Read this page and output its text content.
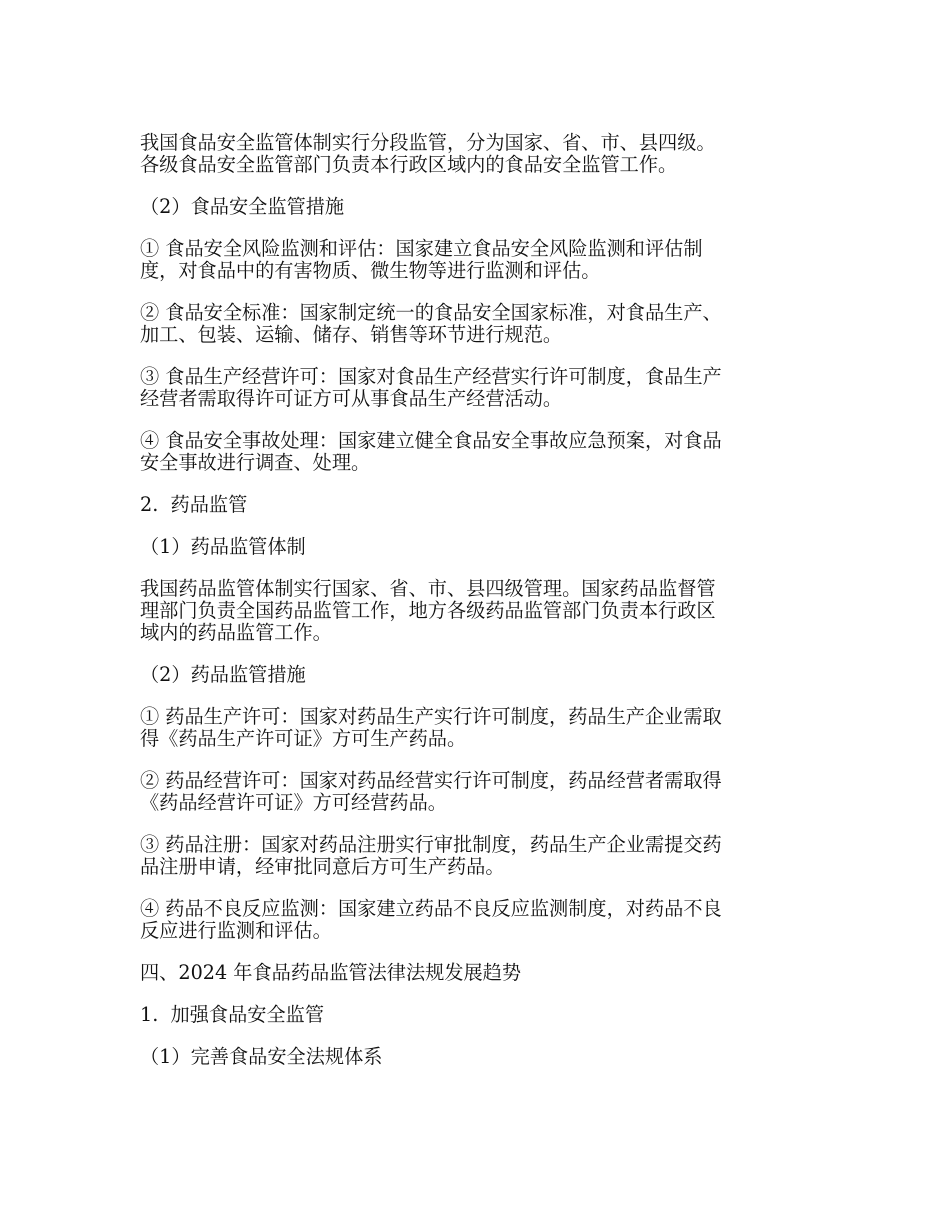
我国食品安全监管体制实行分段监管，分为国家、省、市、县四级。
各级食品安全监管部门负责本行政区域内的食品安全监管工作。

（2）食品安全监管措施

① 食品安全风险监测和评估：国家建立食品安全风险监测和评估制
度，对食品中的有害物质、微生物等进行监测和评估。

② 食品安全标准：国家制定统一的食品安全国家标准，对食品生产、
加工、包装、运输、储存、销售等环节进行规范。

③ 食品生产经营许可：国家对食品生产经营实行许可制度，食品生产
经营者需取得许可证方可从事食品生产经营活动。

④ 食品安全事故处理：国家建立健全食品安全事故应急预案，对食品
安全事故进行调查、处理。

2.  药品监管

（1）药品监管体制

我国药品监管体制实行国家、省、市、县四级管理。国家药品监督管
理部门负责全国药品监管工作，地方各级药品监管部门负责本行政区
域内的药品监管工作。

（2）药品监管措施

① 药品生产许可：国家对药品生产实行许可制度，药品生产企业需取
得《药品生产许可证》方可生产药品。

② 药品经营许可：国家对药品经营实行许可制度，药品经营者需取得
《药品经营许可证》方可经营药品。

③ 药品注册：国家对药品注册实行审批制度，药品生产企业需提交药
品注册申请，经审批同意后方可生产药品。

④ 药品不良反应监测：国家建立药品不良反应监测制度，对药品不良
反应进行监测和评估。

四、2024 年食品药品监管法律法规发展趋势

1.  加强食品安全监管

（1）完善食品安全法规体系
